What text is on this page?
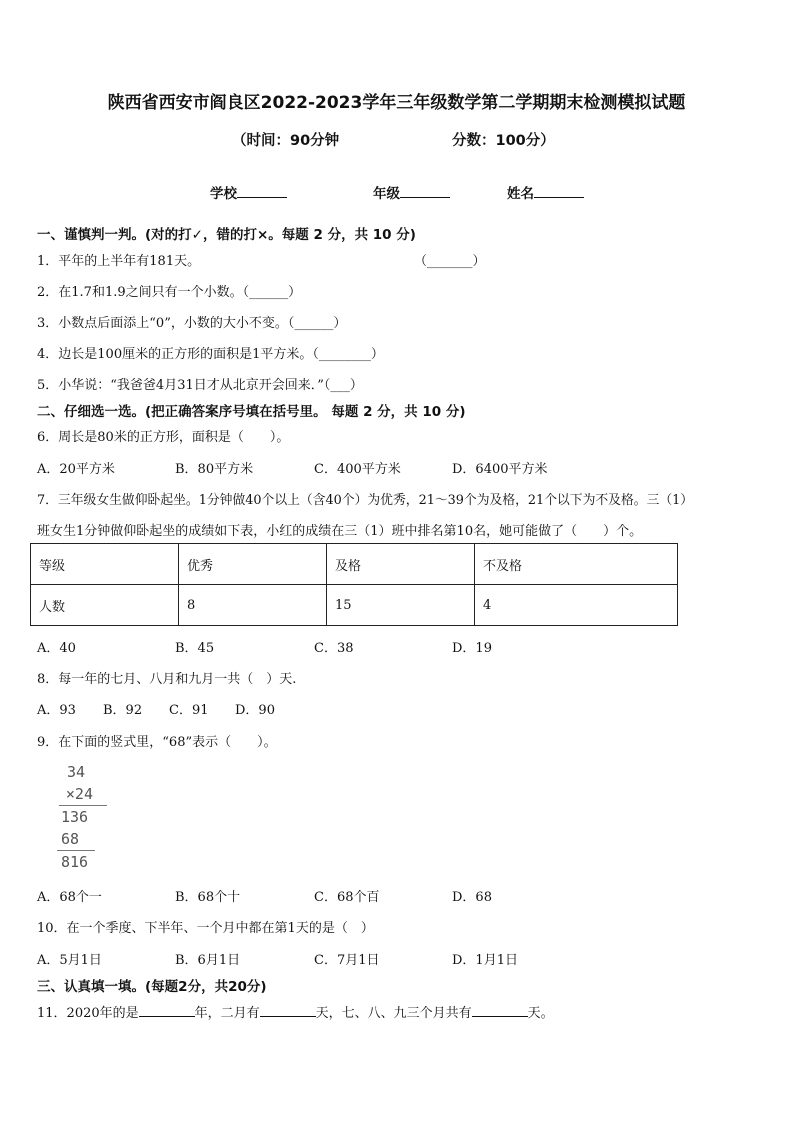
陕西省西安市阎良区2022-2023学年三年级数学第二学期期末检测模拟试题
（时间：90分钟	分数：100分）
学校	年级	姓名
一、谨慎判一判。(对的打✓，错的打×。每题 2 分，共 10 分)
1．平年的上半年有181天。	（_______）
2．在1.7和1.9之间只有一个小数。（______）
3．小数点后面添上“0”，小数的大小不变。（______）
4．边长是100厘米的正方形的面积是1平方米。（________）
5．小华说：“我爸爸4月31日才从北京开会回来．”（___）
二、仔细选一选。(把正确答案序号填在括号里。 每题 2 分，共 10 分)
6．周长是80米的正方形，面积是（　　）。
A．20平方米	B．80平方米	C．400平方米	D．6400平方米
7．三年级女生做仰卧起坐。1分钟做40个以上（含40个）为优秀，21～39个为及格，21个以下为不及格。三（1）
班女生1分钟做仰卧起坐的成绩如下表，小红的成绩在三（1）班中排名第10名，她可能做了（　　）个。
等级	优秀	及格	不及格
人数	8	15	4
A．40	B．45	C．38	D．19
8．每一年的七月、八月和九月一共（　）天.
A．93 B．92 C．91 D．90
9．在下面的竖式里，“68”表示（　　）。
34
×24
136
68
816
A．68个一	B．68个十	C．68个百	D．68
10．在一个季度、下半年、一个月中都在第1天的是（　）
A．5月1日	B．6月1日	C．7月1日	D．1月1日
三、认真填一填。(每题2分，共20分)
11．2020年的是	年，二月有	天，七、八、九三个月共有	天。
